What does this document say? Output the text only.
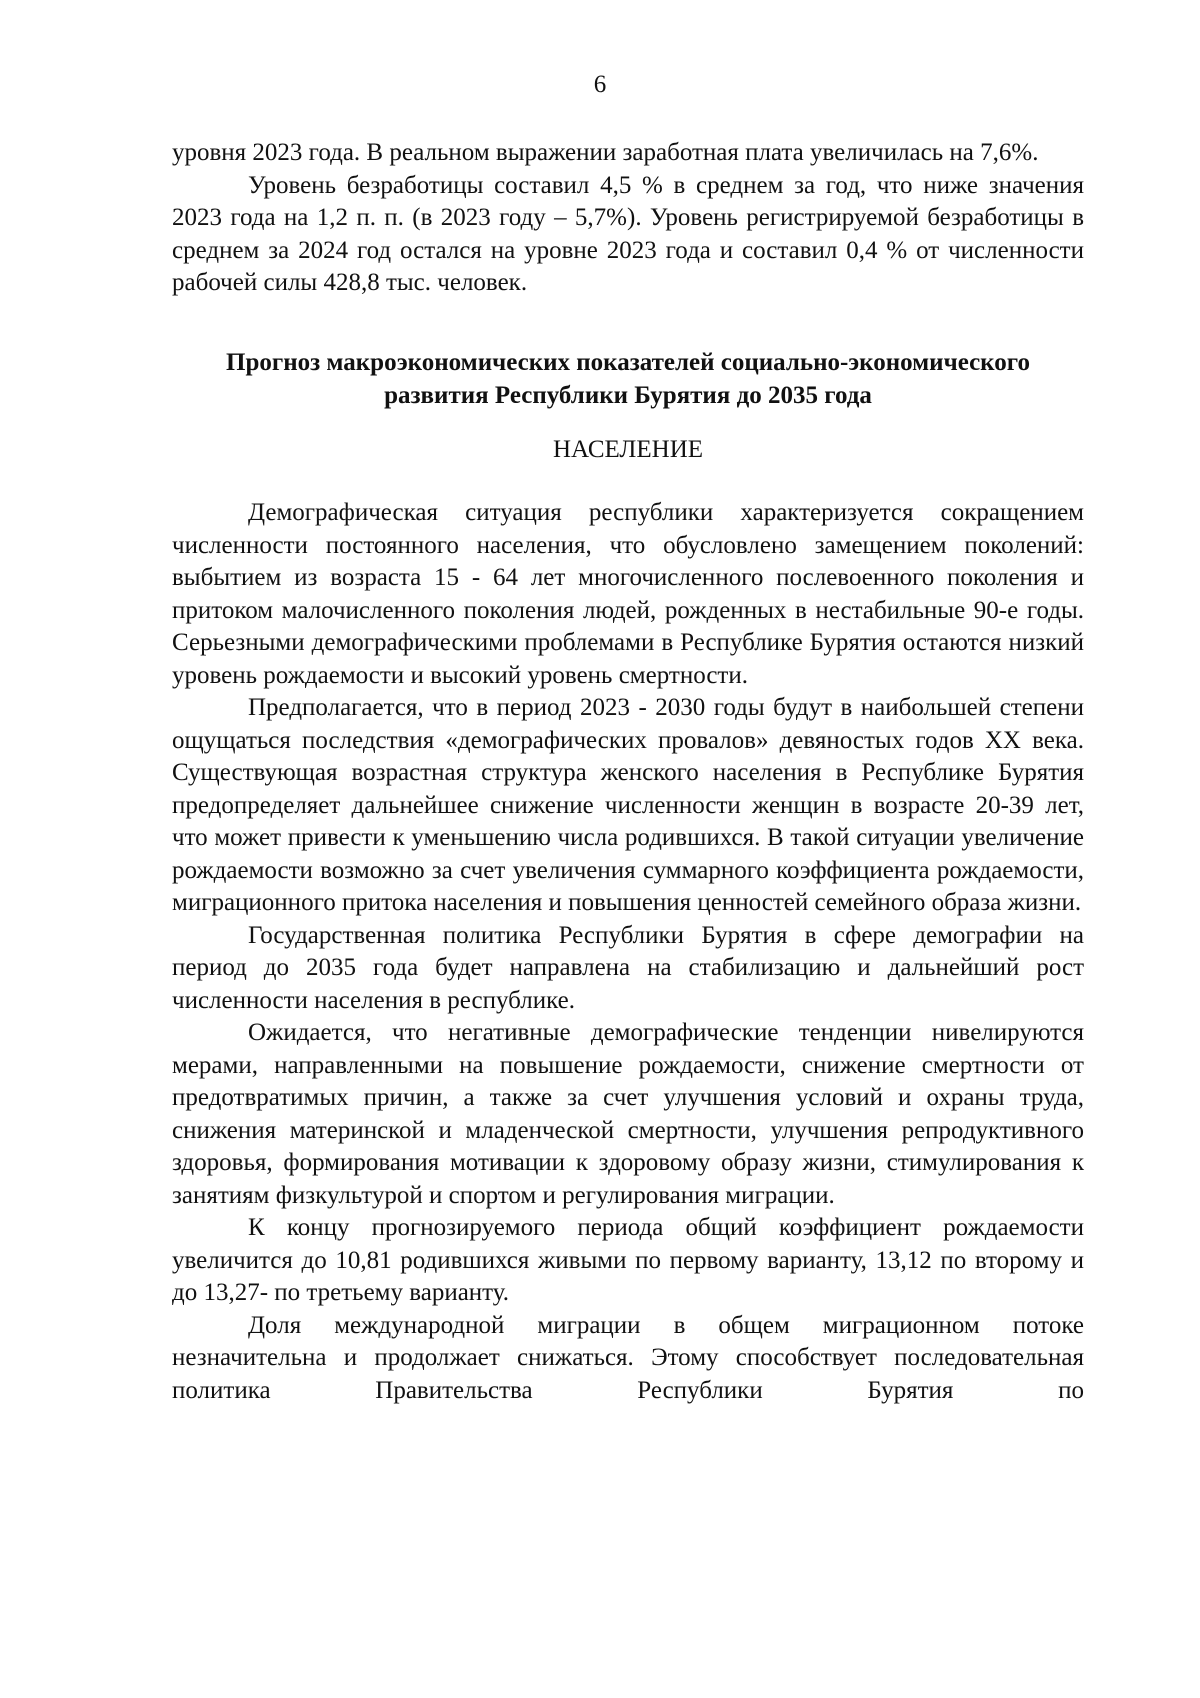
6

уровня 2023 года. В реальном выражении заработная плата увеличилась на 7,6%.

Уровень безработицы составил 4,5 % в среднем за год, что ниже значения 2023 года на 1,2 п. п. (в 2023 году – 5,7%). Уровень регистрируемой безработицы в среднем за 2024 год остался на уровне 2023 года и составил 0,4 % от численности рабочей силы 428,8 тыс. человек.

Прогноз макроэкономических показателей социально-экономического

развития Республики Бурятия до 2035 года

НАСЕЛЕНИЕ

Демографическая ситуация республики характеризуется сокращением численности постоянного населения, что обусловлено замещением поколений: выбытием из возраста 15 - 64 лет многочисленного послевоенного поколения и притоком малочисленного поколения людей, рожденных в нестабильные 90-е годы. Серьезными демографическими проблемами в Республике Бурятия остаются низкий уровень рождаемости и высокий уровень смертности.

Предполагается, что в период 2023 - 2030 годы будут в наибольшей степени ощущаться последствия «демографических провалов» девяностых годов XX века. Существующая возрастная структура женского населения в Республике Бурятия предопределяет дальнейшее снижение численности женщин в возрасте 20-39 лет, что может привести к уменьшению числа родившихся. В такой ситуации увеличение рождаемости возможно за счет увеличения суммарного коэффициента рождаемости, миграционного притока населения и повышения ценностей семейного образа жизни.

Государственная политика Республики Бурятия в сфере демографии на период до 2035 года будет направлена на стабилизацию и дальнейший рост численности населения в республике.

Ожидается, что негативные демографические тенденции нивелируются мерами, направленными на повышение рождаемости, снижение смертности от предотвратимых причин, а также за счет улучшения условий и охраны труда, снижения материнской и младенческой смертности, улучшения репродуктивного здоровья, формирования мотивации к здоровому образу жизни, стимулирования к занятиям физкультурой и спортом и регулирования миграции.

К концу прогнозируемого периода общий коэффициент рождаемости увеличится до 10,81 родившихся живыми по первому варианту, 13,12 по второму и до 13,27- по третьему варианту.

Доля международной миграции в общем миграционном потоке незначительна и продолжает снижаться. Этому способствует последовательная политика Правительства Республики Бурятия по
